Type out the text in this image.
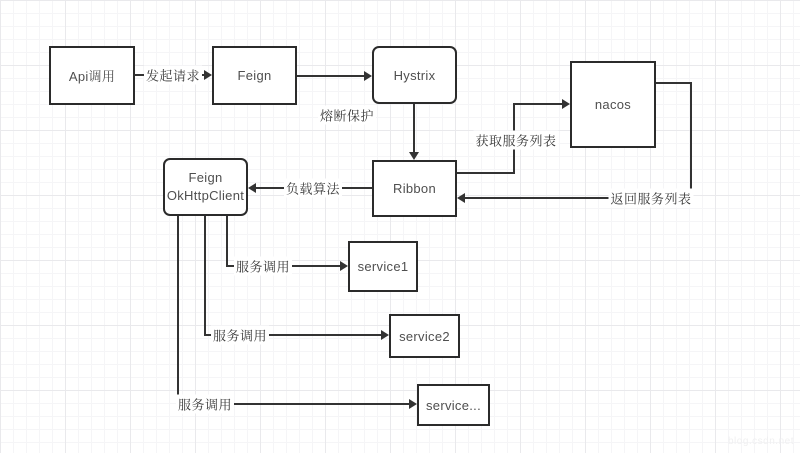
Api调用	Feign	Hystrix
nacos
Ribbon
Feign
OkHttpClient
service1
service2
service...
发起请求
熔断保护
获取服务列表
返回服务列表
负载算法
服务调用
服务调用
服务调用
blog.csdn.net
